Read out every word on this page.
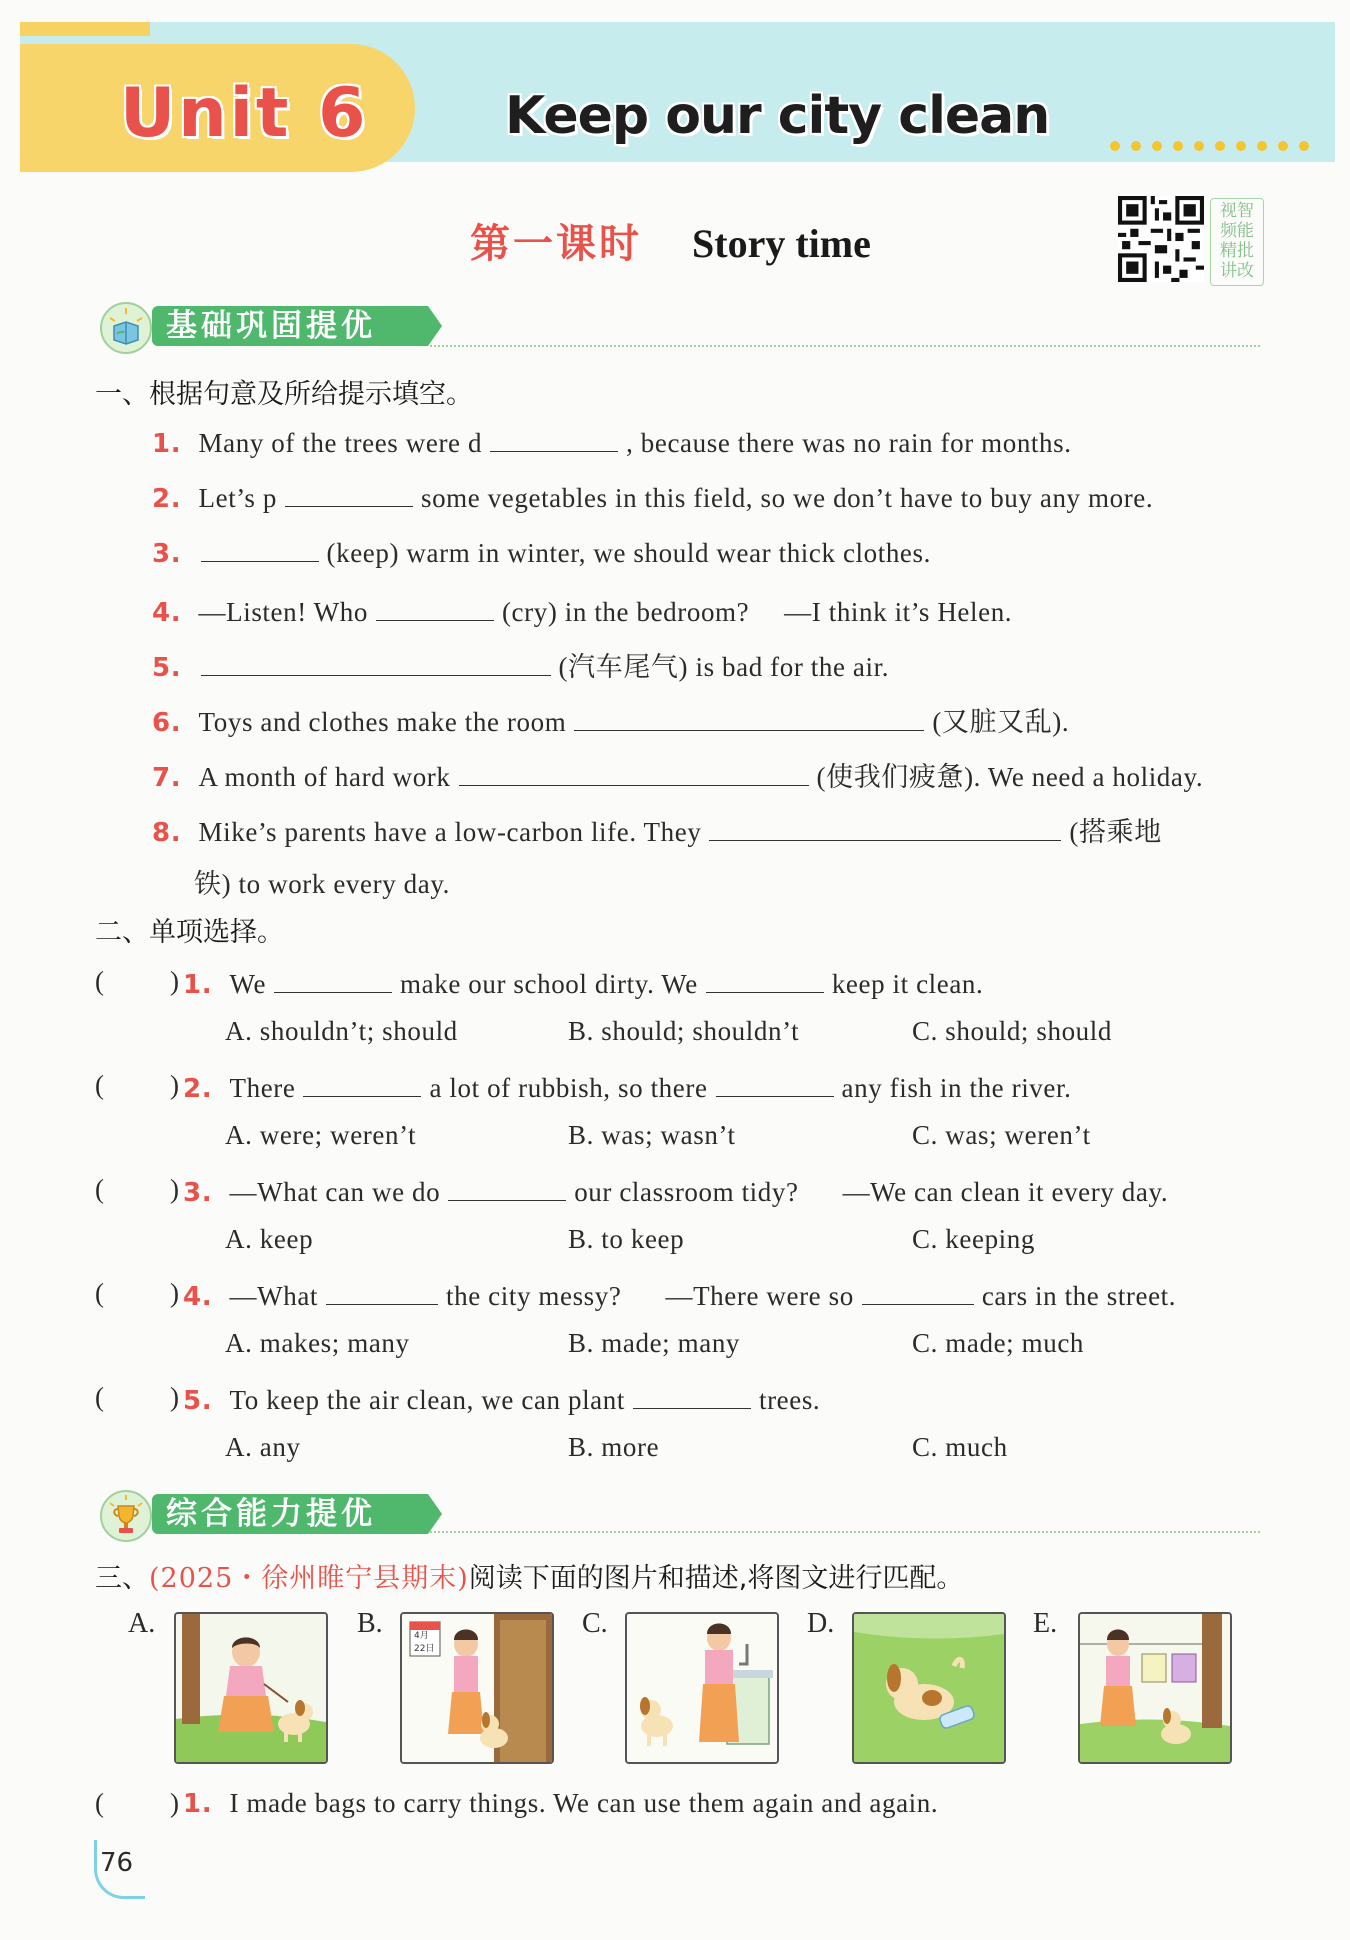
Unit 6	Keep our city clean
第一课时 Story time
视智
频能
精批
讲改
基础巩固提优
一、根据句意及所给提示填空。
1. Many of the trees were d	, because there was no rain for months.
2. Let’s p	some vegetables in this field, so we don’t have to buy any more.
3.	(keep) warm in winter, we should wear thick clothes.
4. —Listen! Who	(cry) in the bedroom?　 —I think it’s Helen.
5.	(汽车尾气) is bad for the air.
6. Toys and clothes make the room	(又脏又乱).
7. A month of hard work	(使我们疲惫). We need a holiday.
8. Mike’s parents have a low-carbon life. They	(搭乘地
铁) to work every day.
二、单项选择。
( ) 1. We	make our school dirty. We	keep it clean.
A. shouldn’t; should	B. should; shouldn’t	C. should; should
( ) 2. There	a lot of rubbish, so there	any fish in the river.
A. were; weren’t	B. was; wasn’t	C. was; weren’t
( ) 3. —What can we do	our classroom tidy? —We can clean it every day.
A. keep	B. to keep	C. keeping
( ) 4. —What	the city messy? —There were so	cars in the street.
A. makes; many	B. made; many	C. made; much
( ) 5. To keep the air clean, we can plant	trees.
A. any	B. more	C. much
综合能力提优
三、(2025・徐州睢宁县期末)阅读下面的图片和描述,将图文进行匹配。
A.	B.	C.	D.	E.
4月
22日
( ) 1. I made bags to carry things. We can use them again and again.
76
